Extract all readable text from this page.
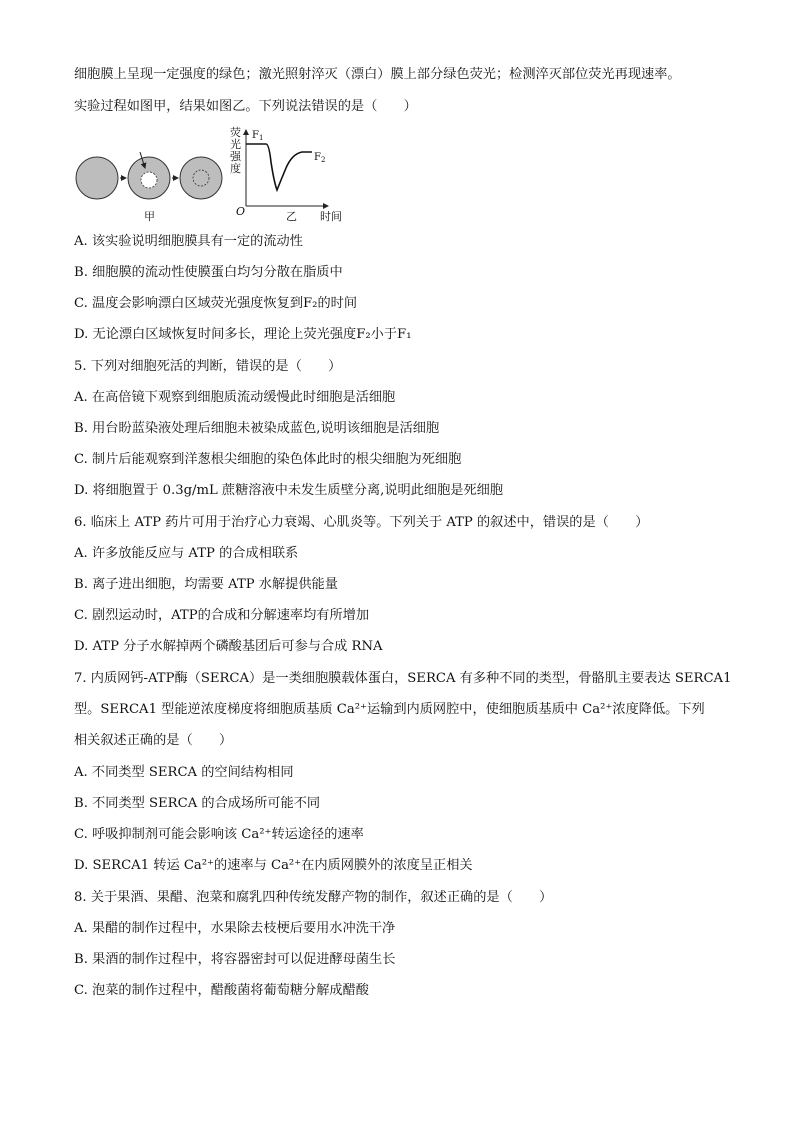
细胞膜上呈现一定强度的绿色；激光照射淬灭（漂白）膜上部分绿色荧光；检测淬灭部位荧光再现速率。
实验过程如图甲，结果如图乙。下列说法错误的是（　　）
甲
荧
光
强
度
O
$F_1$
$F_2$
乙 时间
A. 该实验说明细胞膜具有一定的流动性
B. 细胞膜的流动性使膜蛋白均匀分散在脂质中
C. 温度会影响漂白区域荧光强度恢复到F₂的时间
D. 无论漂白区域恢复时间多长，理论上荧光强度F₂小于F₁
5. 下列对细胞死活的判断，错误的是（　　）
A. 在高倍镜下观察到细胞质流动缓慢此时细胞是活细胞
B. 用台盼蓝染液处理后细胞未被染成蓝色,说明该细胞是活细胞
C. 制片后能观察到洋葱根尖细胞的染色体此时的根尖细胞为死细胞
D. 将细胞置于 0.3g/mL 蔗糖溶液中未发生质壁分离,说明此细胞是死细胞
6. 临床上 ATP 药片可用于治疗心力衰竭、心肌炎等。下列关于 ATP 的叙述中，错误的是（　　）
A. 许多放能反应与 ATP 的合成相联系
B. 离子进出细胞，均需要 ATP 水解提供能量
C. 剧烈运动时，ATP的合成和分解速率均有所增加
D. ATP 分子水解掉两个磷酸基团后可参与合成 RNA
7. 内质网钙-ATP酶（SERCA）是一类细胞膜载体蛋白，SERCA 有多种不同的类型，骨骼肌主要表达 SERCA1
型。SERCA1 型能逆浓度梯度将细胞质基质 Ca²⁺运输到内质网腔中，使细胞质基质中 Ca²⁺浓度降低。下列
相关叙述正确的是（　　）
A. 不同类型 SERCA 的空间结构相同
B. 不同类型 SERCA 的合成场所可能不同
C. 呼吸抑制剂可能会影响该 Ca²⁺转运途径的速率
D. SERCA1 转运 Ca²⁺的速率与 Ca²⁺在内质网膜外的浓度呈正相关
8. 关于果酒、果醋、泡菜和腐乳四种传统发酵产物的制作，叙述正确的是（　　）
A. 果醋的制作过程中，水果除去枝梗后要用水冲洗干净
B. 果酒的制作过程中，将容器密封可以促进酵母菌生长
C. 泡菜的制作过程中，醋酸菌将葡萄糖分解成醋酸
